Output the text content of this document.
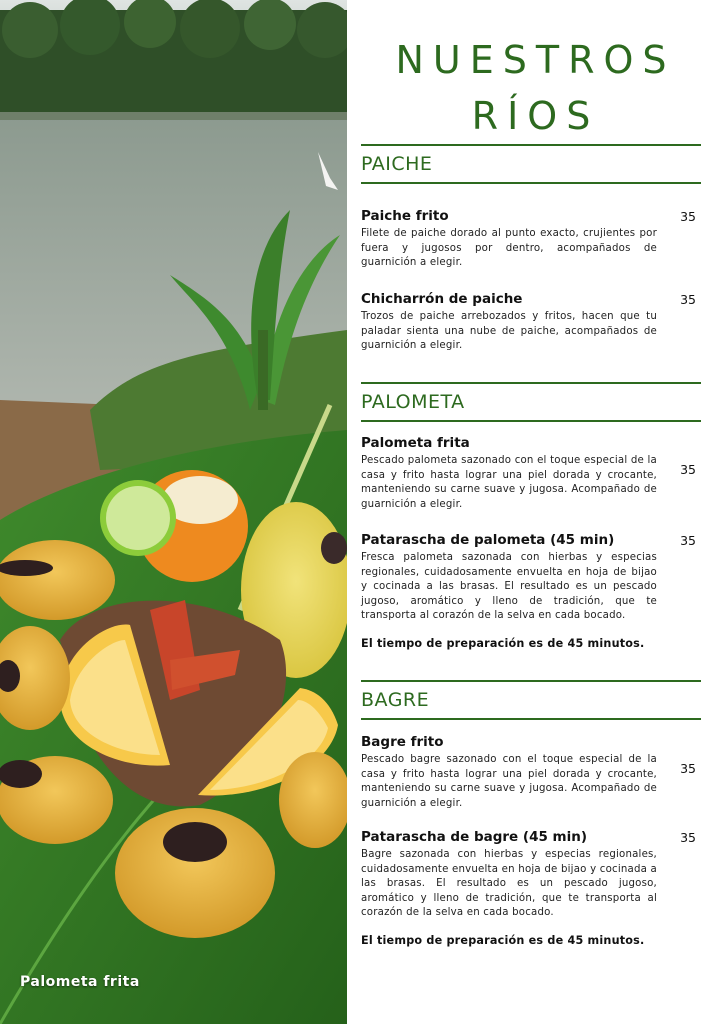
Palometa frita
NUESTROS
RÍOS
PAICHE
Paiche frito	35
Filete de paiche dorado al punto exacto, crujientes por fuera y jugosos por dentro, acompañados de guarnición a elegir.
Chicharrón de paiche	35
Trozos de paiche arrebozados y fritos, hacen que tu paladar sienta una nube de paiche, acompañados de guarnición a elegir.
PALOMETA
Palometa frita
35
Pescado palometa sazonado con el toque especial de la casa y frito hasta lograr una piel dorada y crocante, manteniendo su carne suave y jugosa. Acompañado de guarnición a elegir.
Patarascha de palometa (45 min)	35
Fresca palometa sazonada con hierbas y especias regionales, cuidadosamente envuelta en hoja de bijao y cocinada a las brasas. El resultado es un pescado jugoso, aromático y lleno de tradición, que te transporta al corazón de la selva en cada bocado.
El tiempo de preparación es de 45 minutos.
BAGRE
Bagre frito
35
Pescado bagre sazonado con el toque especial de la casa y frito hasta lograr una piel dorada y crocante, manteniendo su carne suave y jugosa. Acompañado de guarnición a elegir.
Patarascha de bagre (45 min)	35
Bagre sazonada con hierbas y especias regionales, cuidadosamente envuelta en hoja de bijao y cocinada a las brasas. El resultado es un pescado jugoso, aromático y lleno de tradición, que te transporta al corazón de la selva en cada bocado.
El tiempo de preparación es de 45 minutos.
